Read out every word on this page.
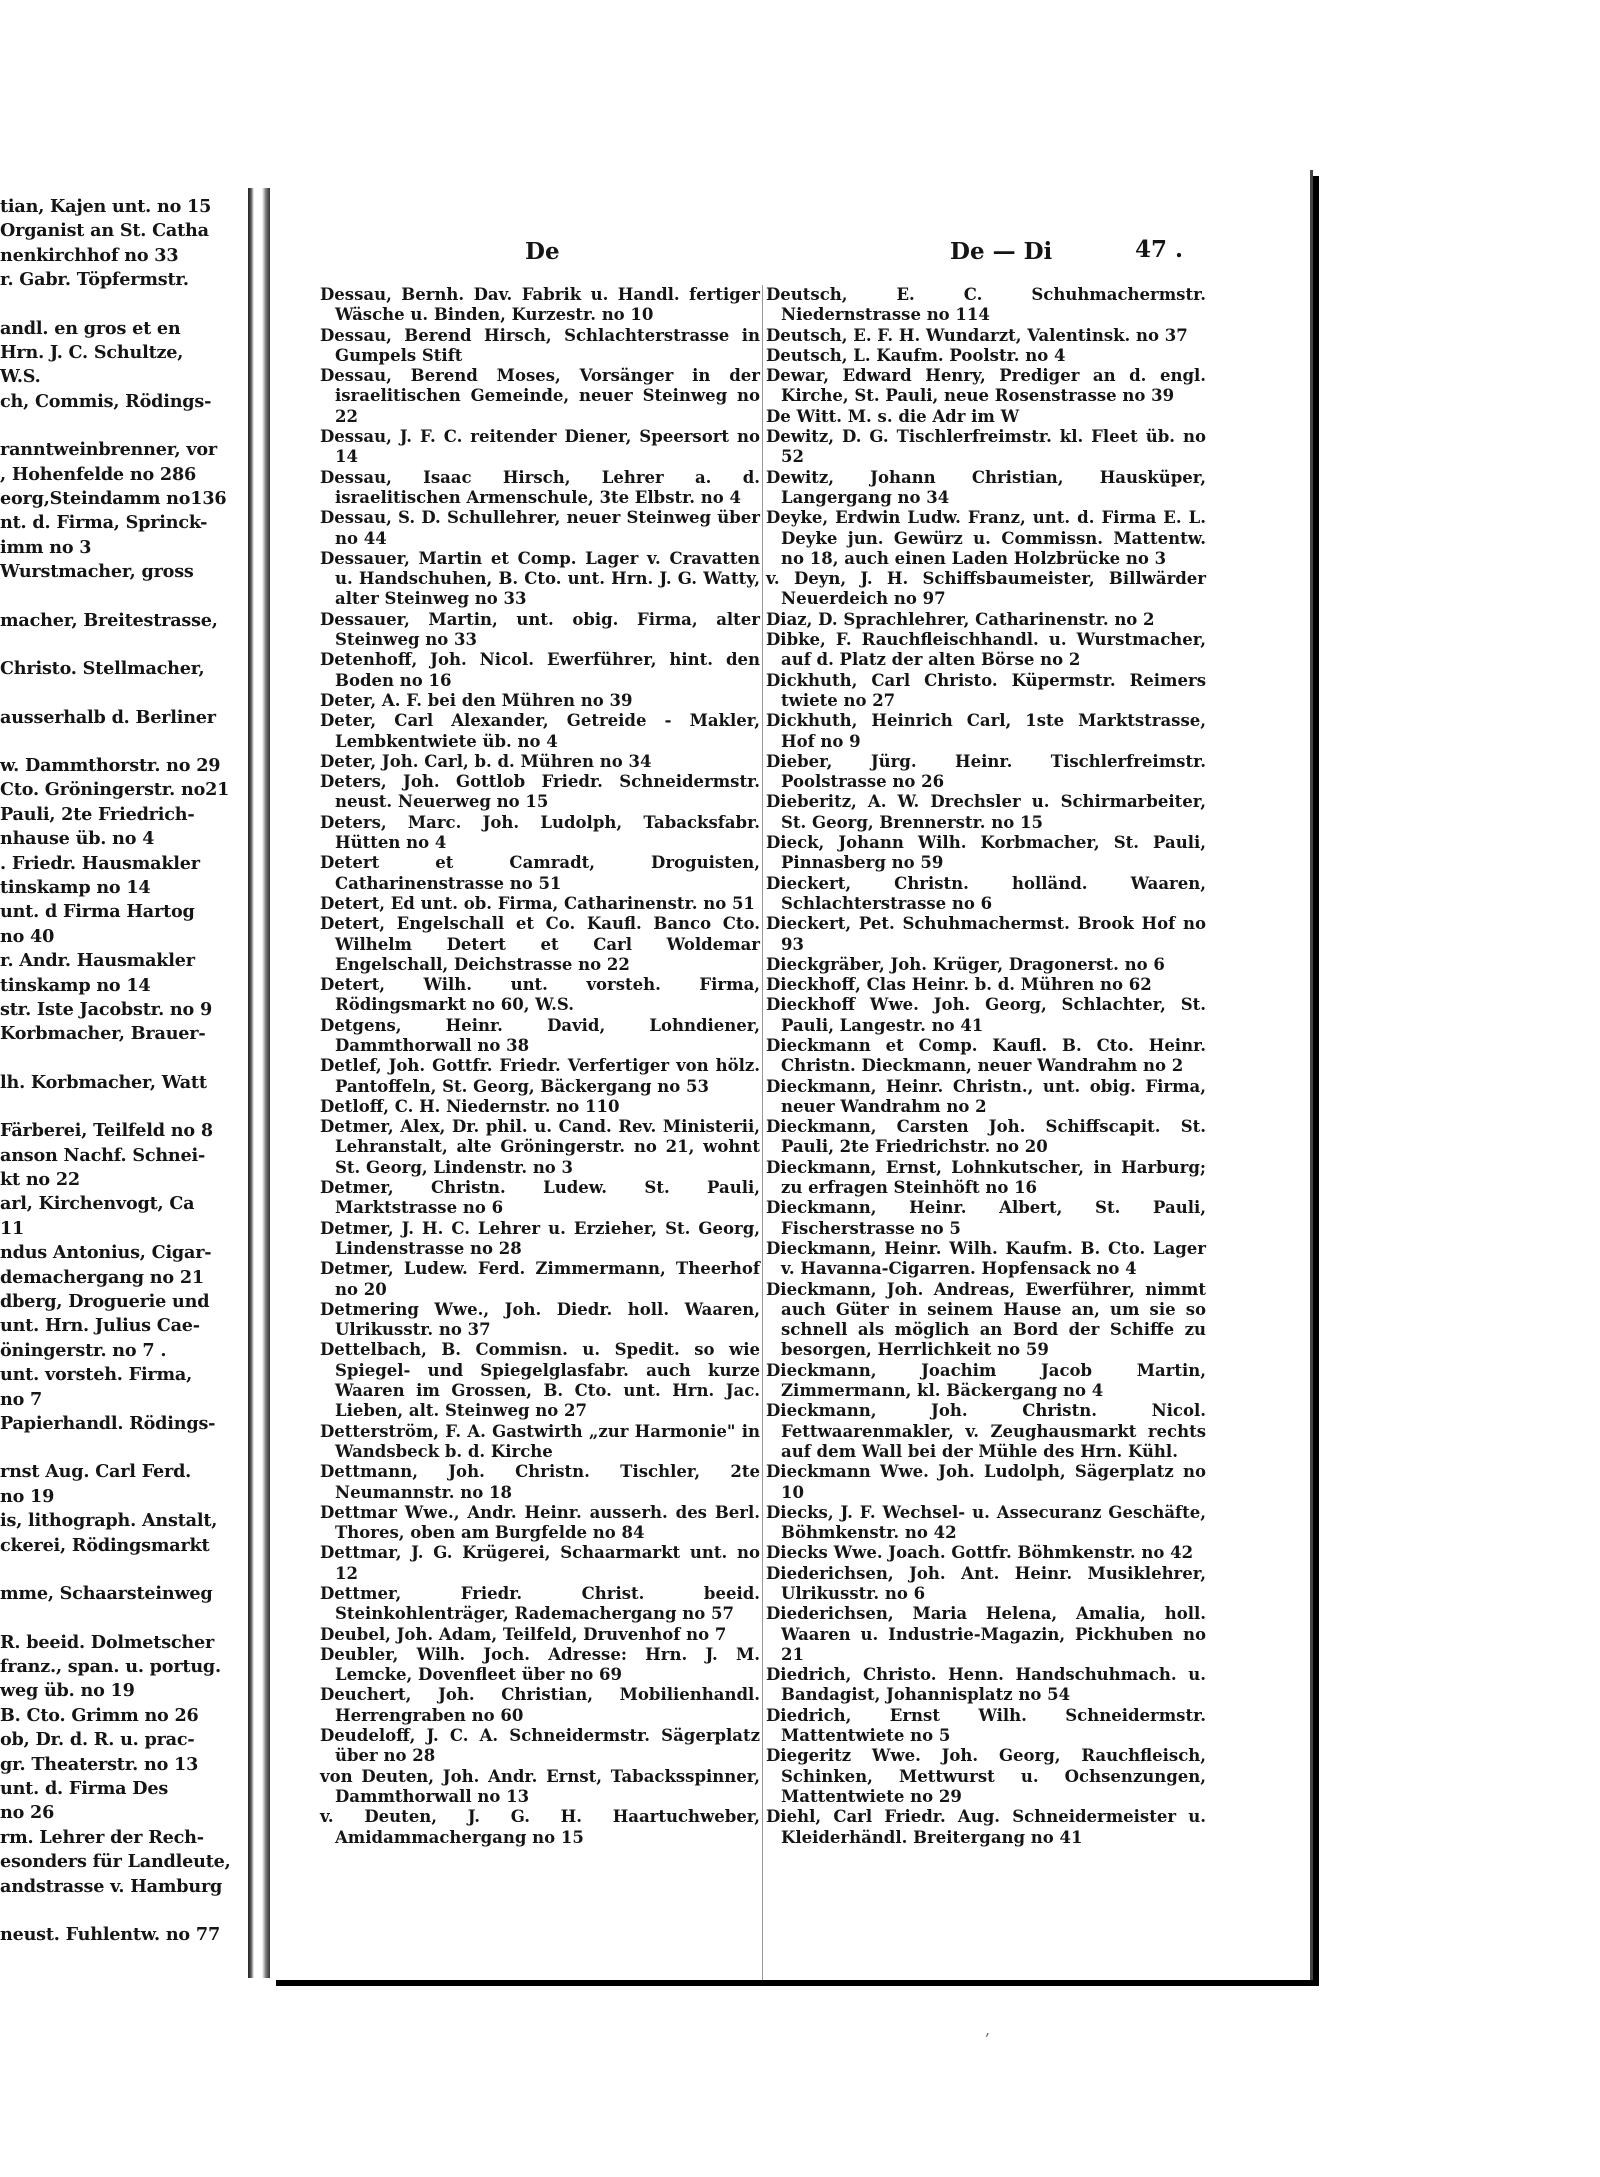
tian, Kajen unt. no 15
Organist an St. Catha
nenkirchhof no 33
r. Gabr. Töpfermstr.
andl. en gros et en
Hrn. J. C. Schultze,
W.S.
ch, Commis, Rödings-
ranntweinbrenner, vor
, Hohenfelde no 286
eorg,Steindamm no136
nt. d. Firma, Sprinck-
imm no 3
Wurstmacher, gross
macher, Breitestrasse,
Christo. Stellmacher,
ausserhalb d. Berliner
w. Dammthorstr. no 29
Cto. Gröningerstr. no21
Pauli, 2te Friedrich-
nhause üb. no 4
. Friedr. Hausmakler
tinskamp no 14
unt. d Firma Hartog
no 40
r. Andr. Hausmakler
tinskamp no 14
str. Iste Jacobstr. no 9
Korbmacher, Brauer-
lh. Korbmacher, Watt
Färberei, Teilfeld no 8
anson Nachf. Schnei-
kt no 22
arl, Kirchenvogt, Ca
11
ndus Antonius, Cigar-
demachergang no 21
dberg, Droguerie und
unt. Hrn. Julius Cae-
öningerstr. no 7 .
unt. vorsteh. Firma,
no 7
Papierhandl. Rödings-
rnst Aug. Carl Ferd.
no 19
is, lithograph. Anstalt,
ckerei, Rödingsmarkt
mme, Schaarsteinweg
R. beeid. Dolmetscher
franz., span. u. portug.
weg üb. no 19
B. Cto. Grimm no 26
ob, Dr. d. R. u. prac-
gr. Theaterstr. no 13
unt. d. Firma Des
no 26
rm. Lehrer der Rech-
esonders für Landleute,
andstrasse v. Hamburg
neust. Fuhlentw. no 77
De	De — Di	47 .
Dessau, Bernh. Dav. Fabrik u. Handl. fertiger Wäsche u. Binden, Kurzestr. no 10
Dessau, Berend Hirsch, Schlachterstrasse in Gumpels Stift
Dessau, Berend Moses, Vorsänger in der israelitischen Gemeinde, neuer Steinweg no 22
Dessau, J. F. C. reitender Diener, Speersort no 14
Dessau, Isaac Hirsch, Lehrer a. d. israelitischen Armenschule, 3te Elbstr. no 4
Dessau, S. D. Schullehrer, neuer Steinweg über no 44
Dessauer, Martin et Comp. Lager v. Cravatten u. Handschuhen, B. Cto. unt. Hrn. J. G. Watty, alter Steinweg no 33
Dessauer, Martin, unt. obig. Firma, alter Steinweg no 33
Detenhoff, Joh. Nicol. Ewerführer, hint. den Boden no 16
Deter, A. F. bei den Mühren no 39
Deter, Carl Alexander, Getreide - Makler, Lembkentwiete üb. no 4
Deter, Joh. Carl, b. d. Mühren no 34
Deters, Joh. Gottlob Friedr. Schneidermstr. neust. Neuerweg no 15
Deters, Marc. Joh. Ludolph, Tabacksfabr. Hütten no 4
Detert et Camradt, Droguisten, Catharinenstrasse no 51
Detert, Ed unt. ob. Firma, Catharinenstr. no 51
Detert, Engelschall et Co. Kaufl. Banco Cto. Wilhelm Detert et Carl Woldemar Engelschall, Deichstrasse no 22
Detert, Wilh. unt. vorsteh. Firma, Rödingsmarkt no 60, W.S.
Detgens, Heinr. David, Lohndiener, Dammthorwall no 38
Detlef, Joh. Gottfr. Friedr. Verfertiger von hölz. Pantoffeln, St. Georg, Bäckergang no 53
Detloff, C. H. Niedernstr. no 110
Detmer, Alex, Dr. phil. u. Cand. Rev. Ministerii, Lehranstalt, alte Gröningerstr. no 21, wohnt St. Georg, Lindenstr. no 3
Detmer, Christn. Ludew. St. Pauli, Marktstrasse no 6
Detmer, J. H. C. Lehrer u. Erzieher, St. Georg, Lindenstrasse no 28
Detmer, Ludew. Ferd. Zimmermann, Theerhof no 20
Detmering Wwe., Joh. Diedr. holl. Waaren, Ulrikusstr. no 37
Dettelbach, B. Commisn. u. Spedit. so wie Spiegel- und Spiegelglasfabr. auch kurze Waaren im Grossen, B. Cto. unt. Hrn. Jac. Lieben, alt. Steinweg no 27
Detterström, F. A. Gastwirth „zur Harmonie" in Wandsbeck b. d. Kirche
Dettmann, Joh. Christn. Tischler, 2te Neumannstr. no 18
Dettmar Wwe., Andr. Heinr. ausserh. des Berl. Thores, oben am Burgfelde no 84
Dettmar, J. G. Krügerei, Schaarmarkt unt. no 12
Dettmer, Friedr. Christ. beeid. Steinkohlenträger, Rademachergang no 57
Deubel, Joh. Adam, Teilfeld, Druvenhof no 7
Deubler, Wilh. Joch. Adresse: Hrn. J. M. Lemcke, Dovenfleet über no 69
Deuchert, Joh. Christian, Mobilienhandl. Herrengraben no 60
Deudeloff, J. C. A. Schneidermstr. Sägerplatz über no 28
von Deuten, Joh. Andr. Ernst, Tabacksspinner, Dammthorwall no 13
v. Deuten, J. G. H. Haartuchweber, Amidammachergang no 15
Deutsch, E. C. Schuhmachermstr. Niedernstrasse no 114
Deutsch, E. F. H. Wundarzt, Valentinsk. no 37
Deutsch, L. Kaufm. Poolstr. no 4
Dewar, Edward Henry, Prediger an d. engl. Kirche, St. Pauli, neue Rosenstrasse no 39
De Witt. M. s. die Adr im W
Dewitz, D. G. Tischlerfreimstr. kl. Fleet üb. no 52
Dewitz, Johann Christian, Hausküper, Langergang no 34
Deyke, Erdwin Ludw. Franz, unt. d. Firma E. L. Deyke jun. Gewürz u. Commissn. Mattentw. no 18, auch einen Laden Holzbrücke no 3
v. Deyn, J. H. Schiffsbaumeister, Billwärder Neuerdeich no 97
Diaz, D. Sprachlehrer, Catharinenstr. no 2
Dibke, F. Rauchfleischhandl. u. Wurstmacher, auf d. Platz der alten Börse no 2
Dickhuth, Carl Christo. Küpermstr. Reimers twiete no 27
Dickhuth, Heinrich Carl, 1ste Marktstrasse, Hof no 9
Dieber, Jürg. Heinr. Tischlerfreimstr. Poolstrasse no 26
Dieberitz, A. W. Drechsler u. Schirmarbeiter, St. Georg, Brennerstr. no 15
Dieck, Johann Wilh. Korbmacher, St. Pauli, Pinnasberg no 59
Dieckert, Christn. holländ. Waaren, Schlachterstrasse no 6
Dieckert, Pet. Schuhmachermst. Brook Hof no 93
Dieckgräber, Joh. Krüger, Dragonerst. no 6
Dieckhoff, Clas Heinr. b. d. Mühren no 62
Dieckhoff Wwe. Joh. Georg, Schlachter, St. Pauli, Langestr. no 41
Dieckmann et Comp. Kaufl. B. Cto. Heinr. Christn. Dieckmann, neuer Wandrahm no 2
Dieckmann, Heinr. Christn., unt. obig. Firma, neuer Wandrahm no 2
Dieckmann, Carsten Joh. Schiffscapit. St. Pauli, 2te Friedrichstr. no 20
Dieckmann, Ernst, Lohnkutscher, in Harburg; zu erfragen Steinhöft no 16
Dieckmann, Heinr. Albert, St. Pauli, Fischerstrasse no 5
Dieckmann, Heinr. Wilh. Kaufm. B. Cto. Lager v. Havanna-Cigarren. Hopfensack no 4
Dieckmann, Joh. Andreas, Ewerführer, nimmt auch Güter in seinem Hause an, um sie so schnell als möglich an Bord der Schiffe zu besorgen, Herrlichkeit no 59
Dieckmann, Joachim Jacob Martin, Zimmermann, kl. Bäckergang no 4
Dieckmann, Joh. Christn. Nicol. Fettwaarenmakler, v. Zeughausmarkt rechts auf dem Wall bei der Mühle des Hrn. Kühl.
Dieckmann Wwe. Joh. Ludolph, Sägerplatz no 10
Diecks, J. F. Wechsel- u. Assecuranz Geschäfte, Böhmkenstr. no 42
Diecks Wwe. Joach. Gottfr. Böhmkenstr. no 42
Diederichsen, Joh. Ant. Heinr. Musiklehrer, Ulrikusstr. no 6
Diederichsen, Maria Helena, Amalia, holl. Waaren u. Industrie-Magazin, Pickhuben no 21
Diedrich, Christo. Henn. Handschuhmach. u. Bandagist, Johannisplatz no 54
Diedrich, Ernst Wilh. Schneidermstr. Mattentwiete no 5
Diegeritz Wwe. Joh. Georg, Rauchfleisch, Schinken, Mettwurst u. Ochsenzungen, Mattentwiete no 29
Diehl, Carl Friedr. Aug. Schneidermeister u. Kleiderhändl. Breitergang no 41
,
